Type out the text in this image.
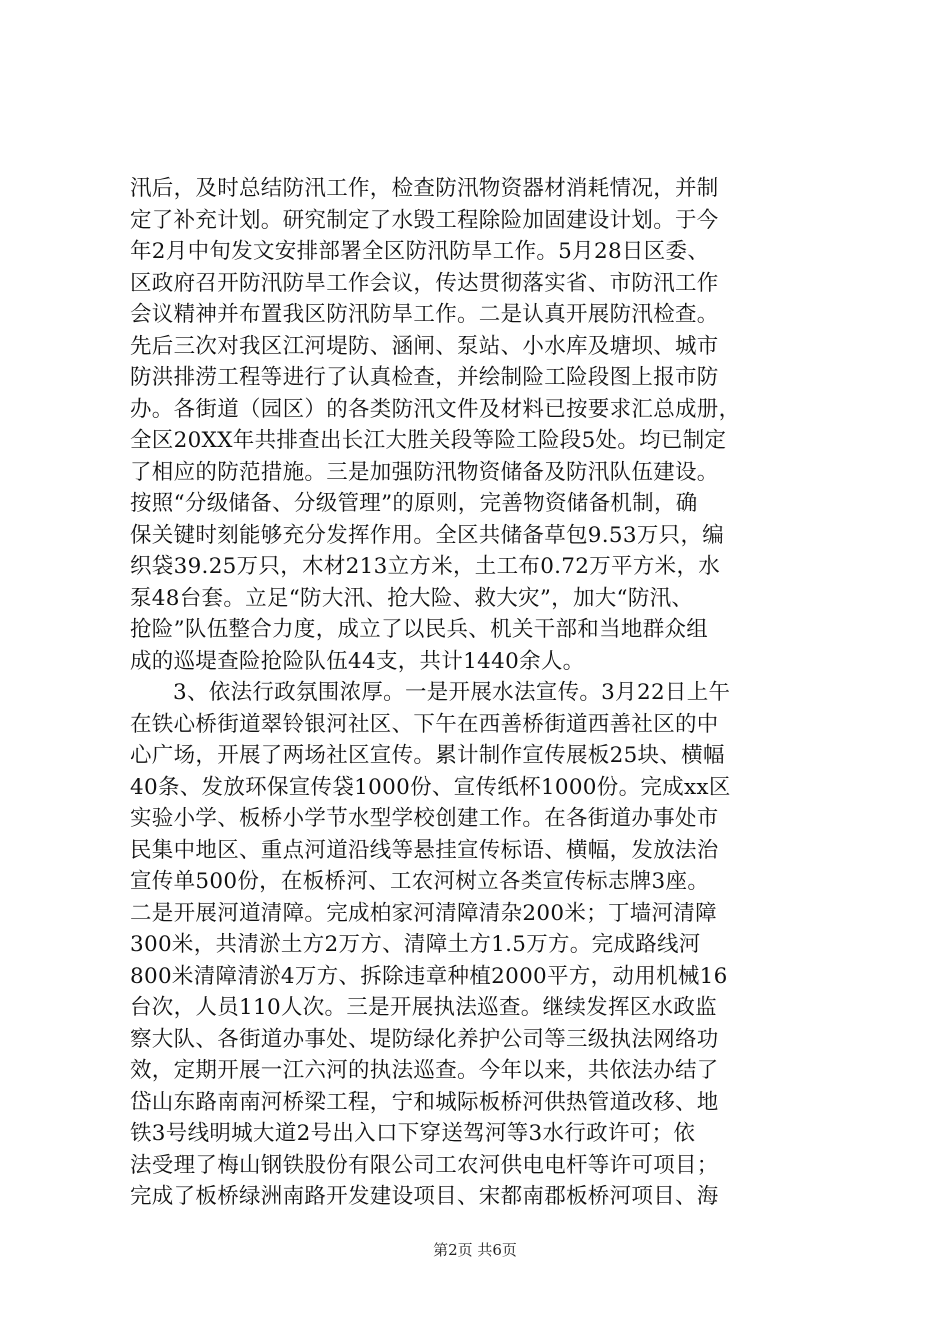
汛后，及时总结防汛工作，检查防汛物资器材消耗情况，并制
定了补充计划。研究制定了水毁工程除险加固建设计划。于今
年2月中旬发文安排部署全区防汛防旱工作。5月28日区委、
区政府召开防汛防旱工作会议，传达贯彻落实省、市防汛工作
会议精神并布置我区防汛防旱工作。二是认真开展防汛检查。
先后三次对我区江河堤防、涵闸、泵站、小水库及塘坝、城市
防洪排涝工程等进行了认真检查，并绘制险工险段图上报市防
办。各街道（园区）的各类防汛文件及材料已按要求汇总成册，
全区20XX年共排查出长江大胜关段等险工险段5处。均已制定
了相应的防范措施。三是加强防汛物资储备及防汛队伍建设。
按照“分级储备、分级管理”的原则，完善物资储备机制，确
保关键时刻能够充分发挥作用。全区共储备草包9.53万只，编
织袋39.25万只，木材213立方米，土工布0.72万平方米，水
泵48台套。立足“防大汛、抢大险、救大灾”，加大“防汛、
抢险”队伍整合力度，成立了以民兵、机关干部和当地群众组
成的巡堤查险抢险队伍44支，共计1440余人。
3、依法行政氛围浓厚。一是开展水法宣传。3月22日上午
在铁心桥街道翠铃银河社区、下午在西善桥街道西善社区的中
心广场，开展了两场社区宣传。累计制作宣传展板25块、横幅
40条、发放环保宣传袋1000份、宣传纸杯1000份。完成xx区
实验小学、板桥小学节水型学校创建工作。在各街道办事处市
民集中地区、重点河道沿线等悬挂宣传标语、横幅，发放法治
宣传单500份，在板桥河、工农河树立各类宣传标志牌3座。
二是开展河道清障。完成柏家河清障清杂200米；丁墙河清障
300米，共清淤土方2万方、清障土方1.5万方。完成路线河
800米清障清淤4万方、拆除违章种植2000平方，动用机械16
台次，人员110人次。三是开展执法巡查。继续发挥区水政监
察大队、各街道办事处、堤防绿化养护公司等三级执法网络功
效，定期开展一江六河的执法巡查。今年以来，共依法办结了
岱山东路南南河桥梁工程，宁和城际板桥河供热管道改移、地
铁3号线明城大道2号出入口下穿送驾河等3水行政许可；依
法受理了梅山钢铁股份有限公司工农河供电电杆等许可项目；
完成了板桥绿洲南路开发建设项目、宋都南郡板桥河项目、海
第2页 共6页
